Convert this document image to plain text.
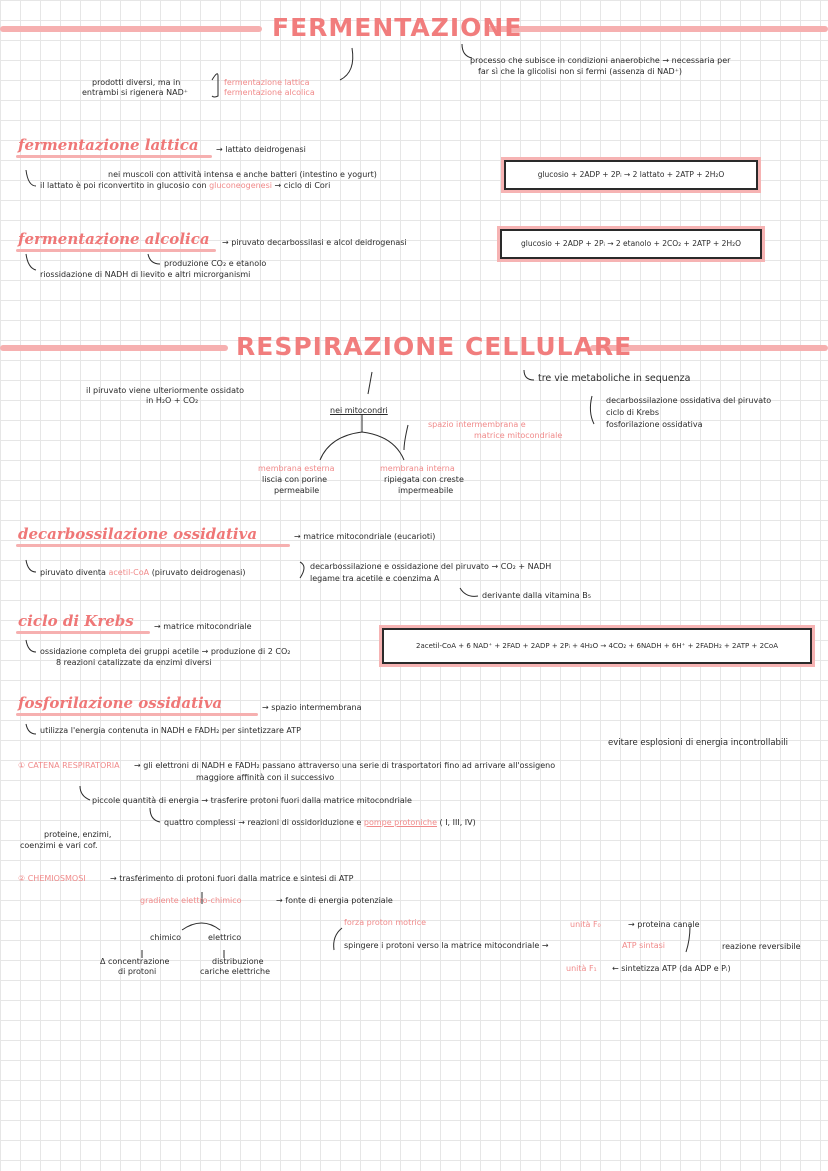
FERMENTAZIONE
processo che subisce in condizioni anaerobiche → necessaria per
far sì che la glicolisi non si fermi (assenza di NAD⁺)
prodotti diversi, ma in
entrambi si rigenera NAD⁺
fermentazione lattica
fermentazione alcolica
fermentazione lattica → lattato deidrogenasi
nei muscoli con attività intensa e anche batteri (intestino e yogurt)
il lattato è poi riconvertito in glucosio con gluconeogenesi → ciclo di Cori
glucosio + 2ADP + 2Pᵢ → 2 lattato + 2ATP + 2H₂O
fermentazione alcolica → piruvato decarbossilasi e alcol deidrogenasi
produzione CO₂ e etanolo
riossidazione di NADH di lievito e altri microrganismi
glucosio + 2ADP + 2Pᵢ → 2 etanolo + 2CO₂ + 2ATP + 2H₂O
RESPIRAZIONE CELLULARE
il piruvato viene ulteriormente ossidato
in H₂O + CO₂
nei mitocondri
tre vie metaboliche in sequenza
decarbossilazione ossidativa del piruvato
ciclo di Krebs
fosforilazione ossidativa
spazio intermembrana e
matrice mitocondriale
membrana esterna
liscia con porine
permeabile
membrana interna
ripiegata con creste
impermeabile
decarbossilazione ossidativa	→ matrice mitocondriale (eucarioti)
piruvato diventa acetil-CoA (piruvato deidrogenasi)
decarbossilazione e ossidazione del piruvato → CO₂ + NADH
legame tra acetile e coenzima A
derivante dalla vitamina B₅
ciclo di Krebs	→ matrice mitocondriale
ossidazione completa dei gruppi acetile → produzione di 2 CO₂
8 reazioni catalizzate da enzimi diversi
2acetil-CoA + 6 NAD⁺ + 2FAD + 2ADP + 2Pᵢ + 4H₂O → 4CO₂ + 6NADH + 6H⁺ + 2FADH₂ + 2ATP + 2CoA
fosforilazione ossidativa	→ spazio intermembrana
utilizza l'energia contenuta in NADH e FADH₂ per sintetizzare ATP
evitare esplosioni di energia incontrollabili
① CATENA RESPIRATORIA → gli elettroni di NADH e FADH₂ passano attraverso una serie di trasportatori fino ad arrivare all'ossigeno
maggiore affinità con il successivo
piccole quantità di energia → trasferire protoni fuori dalla matrice mitocondriale
quattro complessi → reazioni di ossidoriduzione e pompe protoniche ( I, III, IV)
proteine, enzimi,
coenzimi e vari cof.
② CHEMIOSMOSI	→ trasferimento di protoni fuori dalla matrice e sintesi di ATP
gradiente elettro-chimico	→ fonte di energia potenziale
chimico	elettrico
Δ concentrazione
di protoni
distribuzione
cariche elettriche
forza proton motrice
spingere i protoni verso la matrice mitocondriale →	ATP sintasi
unità F₀	→ proteina canale
unità F₁ ← sintetizza ATP (da ADP e Pᵢ)
reazione reversibile
